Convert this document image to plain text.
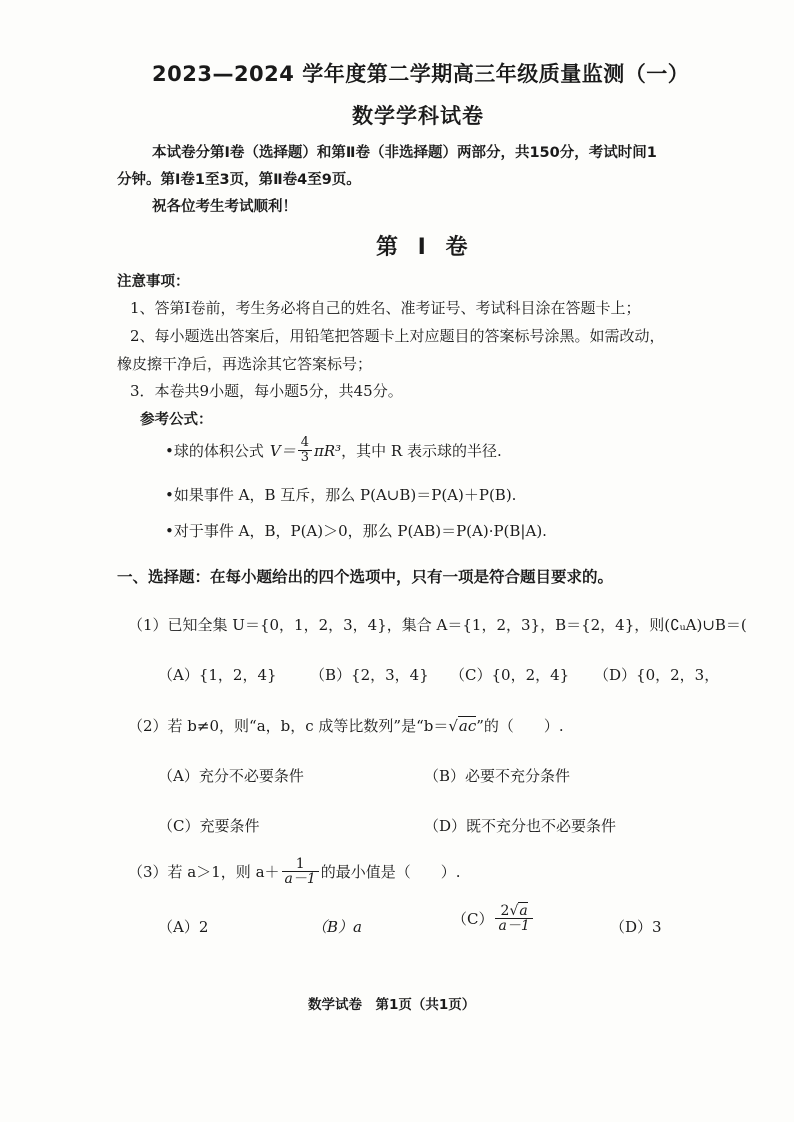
2023—2024 学年度第二学期高三年级质量监测（一）
数学学科试卷
本试卷分第Ⅰ卷（选择题）和第Ⅱ卷（非选择题）两部分，共150分，考试时间1
分钟。第Ⅰ卷1至3页，第Ⅱ卷4至9页。
祝各位考生考试顺利！
第 Ⅰ 卷
注意事项：
1、答第Ⅰ卷前，考生务必将自己的姓名、准考证号、考试科目涂在答题卡上；
2、每小题选出答案后，用铅笔把答题卡上对应题目的答案标号涂黑。如需改动，
橡皮擦干净后，再选涂其它答案标号；
3．本卷共9小题，每小题5分，共45分。
参考公式：
•球的体积公式 $V= \frac{4}{3} \pi R^3$ ，其中 R 表示球的半径.
•如果事件 A，B 互斥，那么 P(A∪B)＝P(A)＋P(B).
•对于事件 A，B，P(A)＞0，那么 P(AB)＝P(A)·P(B|A).
一、选择题：在每小题给出的四个选项中，只有一项是符合题目要求的。
（1）已知全集 U＝{0，1，2，3，4}，集合 A＝{1，2，3}，B＝{2，4}，则(∁ᵤA)∪B＝(
（A）{1，2，4} （B）{2，3，4} （C）{0，2，4} （D）{0，2，3，
（2）若 b≠0，则“a，b，c 成等比数列”是“b＝ √ ac ”的（　　）.
（A）充分不必要条件	（B）必要不充分条件
（C）充要条件	（D）既不充分也不必要条件
（3）若 a＞1，则 $a+ \frac{1}{a-1}$ 的最小值是（　　）.
（A）2	（B）a	$(C) \frac{2√a}{a-1}$	（D）3
数学试卷　第1页（共1页）
